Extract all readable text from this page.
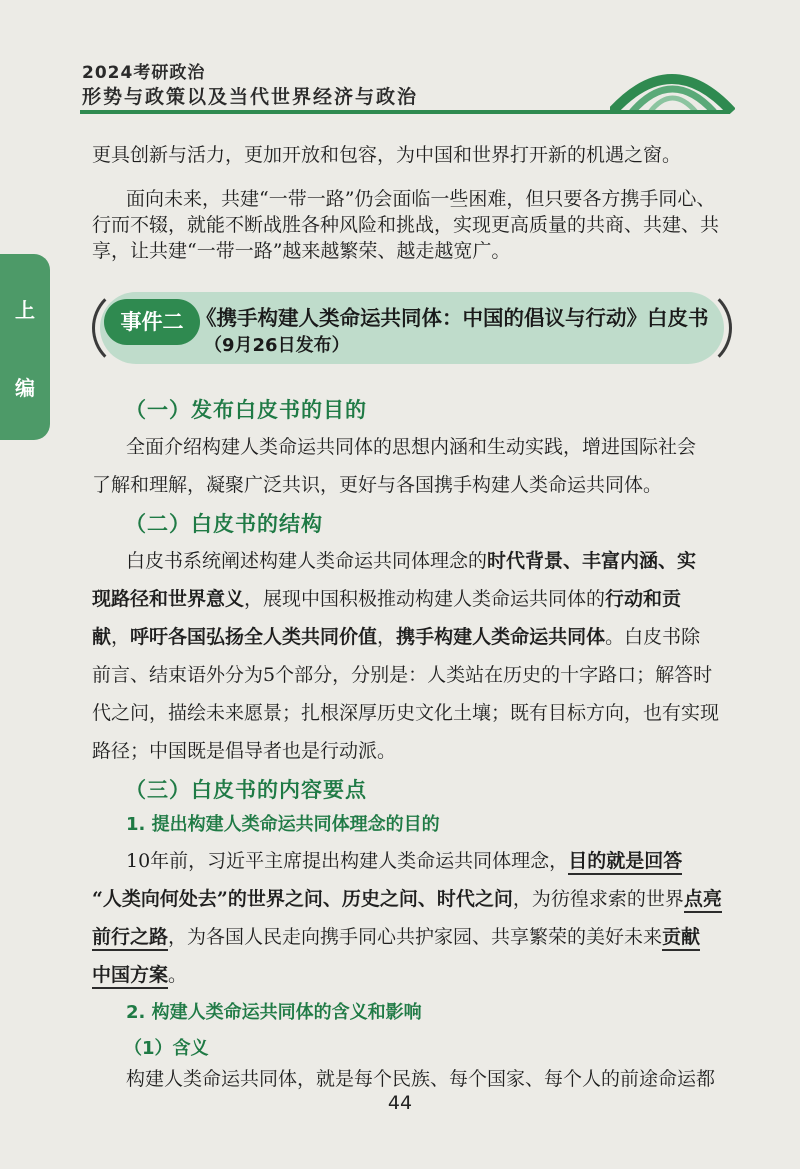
2024考研政治
形势与政策以及当代世界经济与政治
上
编
更具创新与活力，更加开放和包容，为中国和世界打开新的机遇之窗。
面向未来，共建“一带一路”仍会面临一些困难，但只要各方携手同心、
行而不辍，就能不断战胜各种风险和挑战，实现更高质量的共商、共建、共
享，让共建“一带一路”越来越繁荣、越走越宽广。
事件二 《携手构建人类命运共同体：中国的倡议与行动》白皮书
（9月26日发布）
（一）发布白皮书的目的
全面介绍构建人类命运共同体的思想内涵和生动实践，增进国际社会
了解和理解，凝聚广泛共识，更好与各国携手构建人类命运共同体。
（二）白皮书的结构
白皮书系统阐述构建人类命运共同体理念的时代背景、丰富内涵、实
现路径和世界意义，展现中国积极推动构建人类命运共同体的行动和贡
献，呼吁各国弘扬全人类共同价值，携手构建人类命运共同体。白皮书除
前言、结束语外分为5个部分，分别是：人类站在历史的十字路口；解答时
代之问，描绘未来愿景；扎根深厚历史文化土壤；既有目标方向，也有实现
路径；中国既是倡导者也是行动派。
（三）白皮书的内容要点
1. 提出构建人类命运共同体理念的目的
10年前，习近平主席提出构建人类命运共同体理念，目的就是回答
“人类向何处去”的世界之问、历史之问、时代之问，为彷徨求索的世界点亮
前行之路，为各国人民走向携手同心共护家园、共享繁荣的美好未来贡献
中国方案。
2. 构建人类命运共同体的含义和影响
（1）含义
构建人类命运共同体，就是每个民族、每个国家、每个人的前途命运都
44
